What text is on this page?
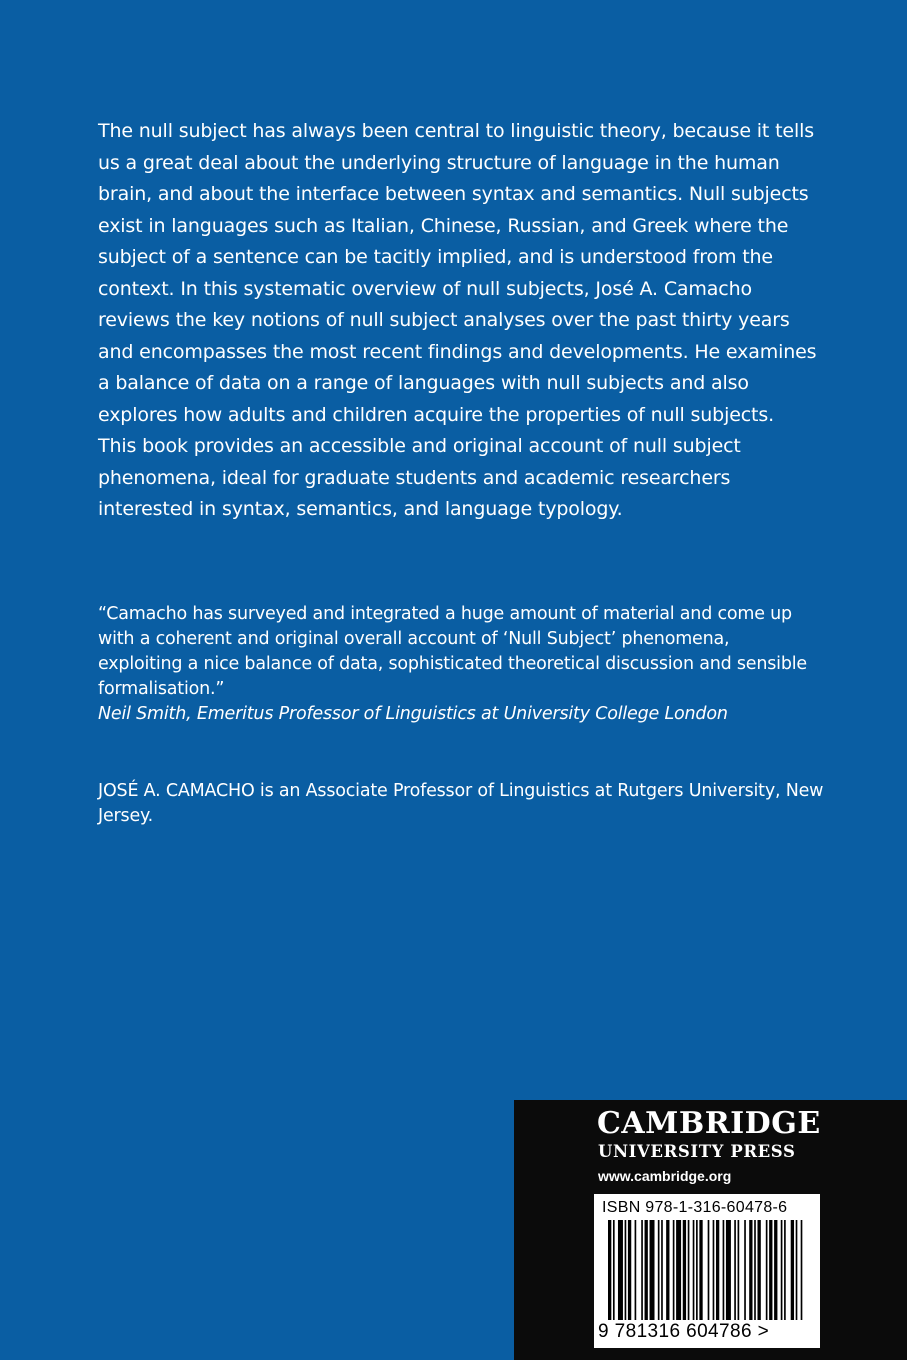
The null subject has always been central to linguistic theory, because it tells us a great deal about the underlying structure of language in the human brain, and about the interface between syntax and semantics. Null subjects exist in languages such as Italian, Chinese, Russian, and Greek where the subject of a sentence can be tacitly implied, and is understood from the context. In this systematic overview of null subjects, José A. Camacho reviews the key notions of null subject analyses over the past thirty years and encompasses the most recent findings and developments. He examines a balance of data on a range of languages with null subjects and also explores how adults and children acquire the properties of null subjects. This book provides an accessible and original account of null subject phenomena, ideal for graduate students and academic researchers interested in syntax, semantics, and language typology.

“Camacho has surveyed and integrated a huge amount of material and come up with a coherent and original overall account of ‘Null Subject’ phenomena, exploiting a nice balance of data, sophisticated theoretical discussion and sensible formalisation.”
Neil Smith, Emeritus Professor of Linguistics at University College London

JOSÉ A. CAMACHO is an Associate Professor of Linguistics at Rutgers University, New Jersey.

CAMBRIDGE
UNIVERSITY PRESS
www.cambridge.org
ISBN 978-1-316-60478-6
9 781316 604786 >
